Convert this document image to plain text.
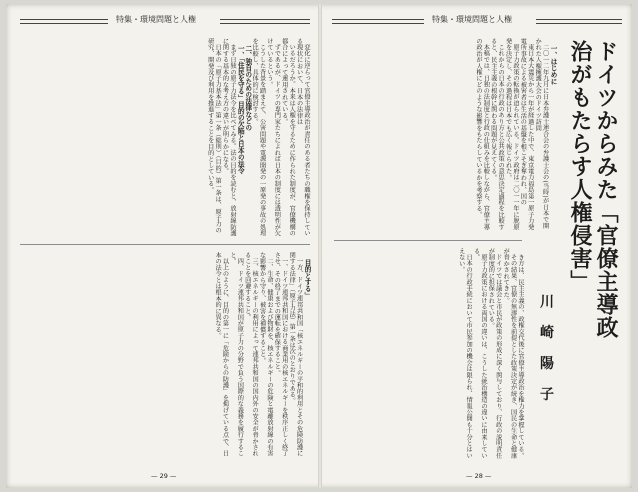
特集・環境問題と人権	特集・環境問題と人権
ドイツからみた「官僚主導政治がもたらす人権侵害」
川 崎 陽 子

一、はじめに

二〇一二年九月に日本弁護士連合会の弁護士会の(当時)が日本で開かれた人権擁護大会のドイツ訪問

東日本大震災から一年が経過した中で、東京電力福島第一原子力発電所事故による被害者は生活の基盤を根こそぎ奪われ、国の

原子力政策の転換が迫られている。ドイツ政府は二〇一一年に脱原発を決定し、その過程は日本でも広く報じられた。

これからの日本の行政のあり方と公共政策の意思決定過程を比較すると、民主主義の根幹に関わる問題が見えてくる。

本稿では、日独の法制度と行政の仕組みを比較しながら、官僚主導の政治が人権にどのような影響をもたらしているかを考察する。

き方は、民主主義の、政権交代後に官僚主導政治を権力を掌握している。

その結果、官僚の無謬性を前提とした政策決定が続き、国民の生命と健康が脅かされてきた。

ドイツでは議会と市民が政策の形成に深く関与しており、行政の説明責任が制度的に担保されている。

原子力政策における両国の違いは、こうした統治構造の違いに由来している。

日本の行政手続において市民参加の機会は限られ、情報公開も十分とはいえない。

変化に逆らって官僚主導政治が責任のある者たちの職権を保持している現状において、日本の法律は

いるだろうか。本来は人権を守るために作られた制度が、官僚機構の都合によって運用されている。

ずであるが、ドイツの専門家たちによれば日本の制度には透明性が欠けているという。

こうした背景を踏まえて、公害問題や電源開発の一原発の事故の処理を比較し、具体的に検討する。

二、独自のための法律などの

一、「住民を守る」目的の欠陥と日本の法令

まず日独の原子力法令を比べてみる。法の目的を読むと、放射線防護に関する基本的な考え方の違いが明らかになる。

日本の「原子力基本法」第一条（総則）（目的）第一条は、原子力の研究、開発及び利用を推進することを目的としている。

目的とする」

一方、ドイツ連邦共和国「核エネルギーの平和的利用とその危険防護に関する法律」（原子力法）第一条は次のとおりである。

一、ドイツ連邦共和国における商業用の核エネルギーを秩序正しく終了させ、その終了までの運転を確保すること。

二、生命、健康および物財を、核エネルギーの危険と電離放射線の有害な影響から守り、被害を補償すること。

三、核エネルギーの利用によって連邦共和国の国内外の安全が脅かされることを回避すること。

四、ドイツ連邦共和国が原子力の分野で負う国際的な義務を履行すること。

以上のように、目的の第一に「危険からの防護」を掲げている点で、日本の法令とは根本的に異なる。

— 29 —	— 28 —
